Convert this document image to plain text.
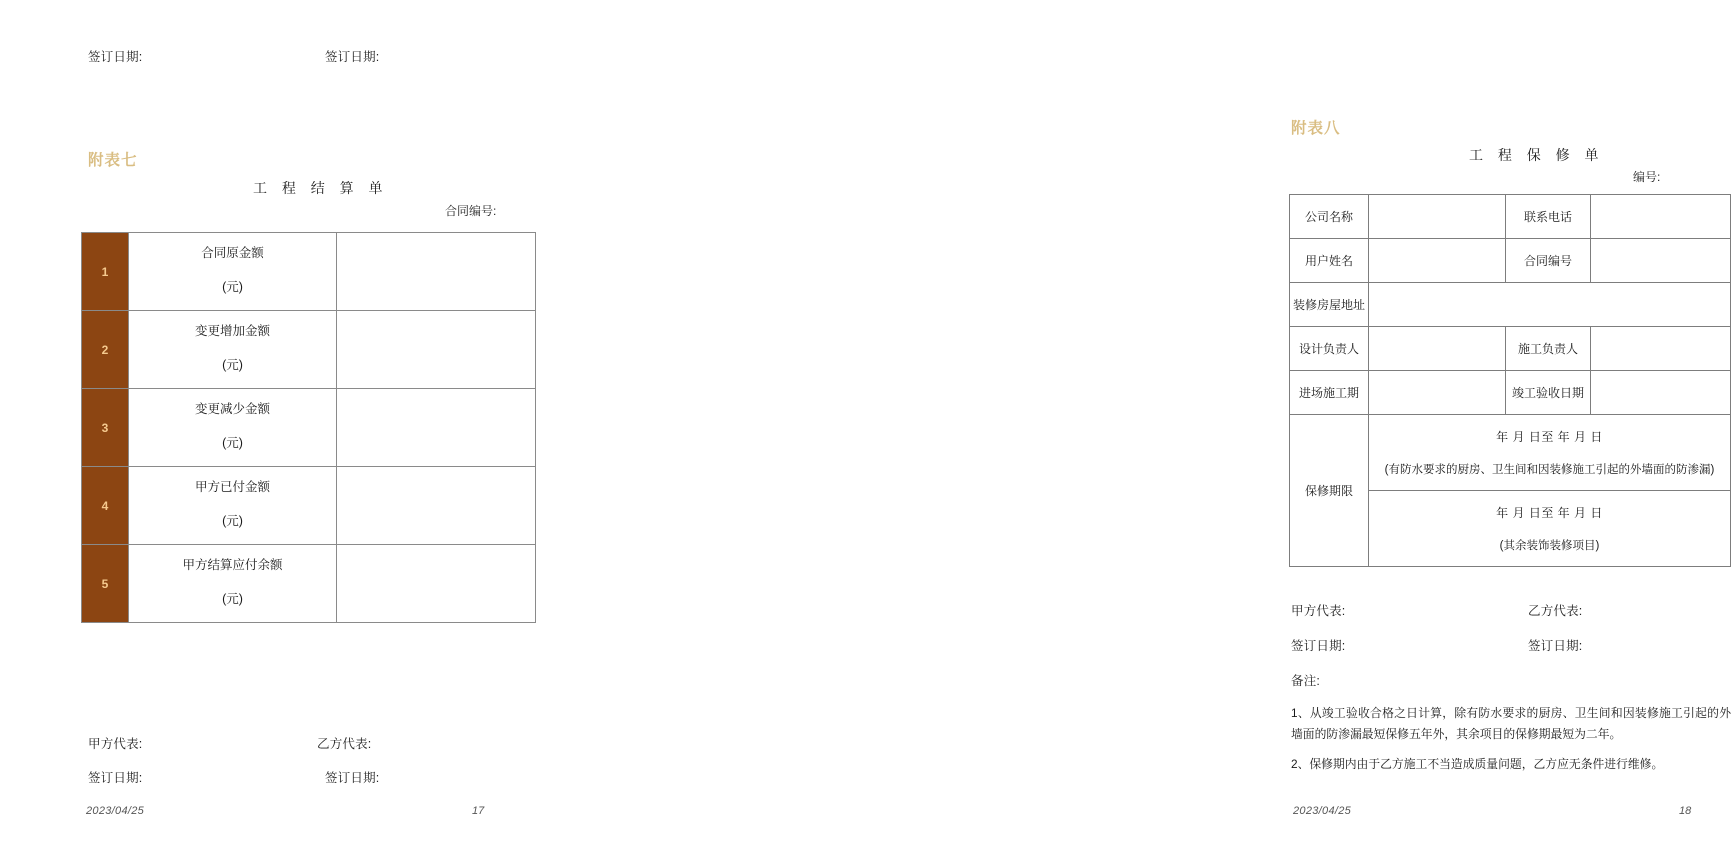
签订日期:	签订日期:
附表七
工 程 结 算 单
合同编号:
1	合同原金额
(元)	

2	变更增加金额
(元)	

3	变更减少金额
(元)	

4	甲方已付金额
(元)	

5	甲方结算应付余额
(元)	

甲方代表:	乙方代表:
签订日期:	签订日期:
2023/04/25	17
附表八
工 程 保 修 单
编号:
公司名称		联系电话	
用户姓名		合同编号	
装修房屋地址	
设计负责人		施工负责人	
进场施工期		竣工验收日期	
保修期限	
年 月 日至 年 月 日
(有防水要求的厨房、卫生间和因装修施工引起的外墙面的防渗漏)

年 月 日至 年 月 日
(其余装饰装修项目)
甲方代表:	乙方代表:
签订日期:	签订日期:
备注:
1、从竣工验收合格之日计算，除有防水要求的厨房、卫生间和因装修施工引起的外墙面的防渗漏最短保修五年外，其余项目的保修期最短为二年。
2、保修期内由于乙方施工不当造成质量问题，乙方应无条件进行维修。
2023/04/25	18
